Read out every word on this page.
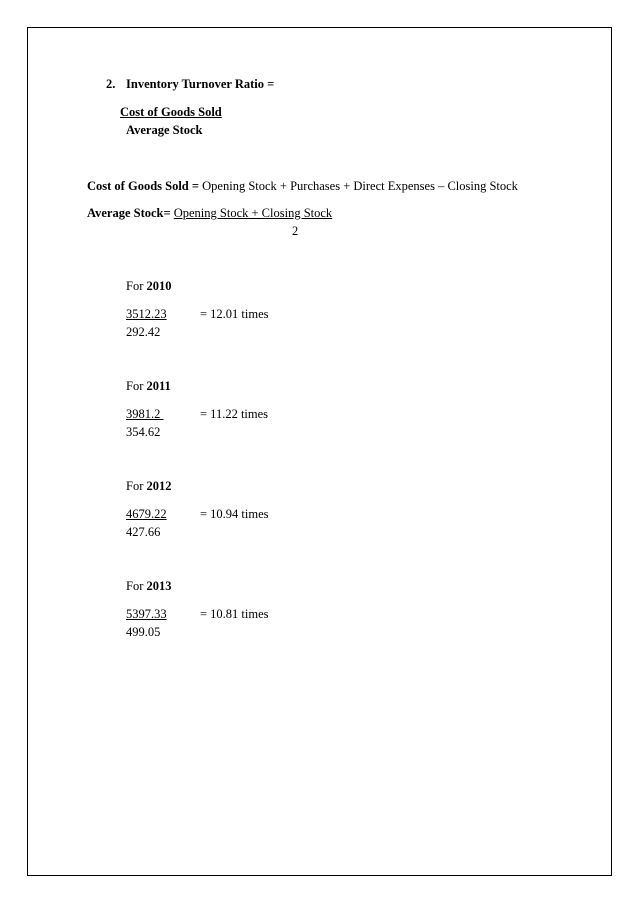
2. Inventory Turnover Ratio =
Cost of Goods Sold
Average Stock
Cost of Goods Sold = Opening Stock + Purchases + Direct Expenses – Closing Stock
Average Stock= Opening Stock + Closing Stock
2
For 2010
3512.23	= 12.01 times
292.42
For 2011
3981.2	= 11.22 times
354.62
For 2012
4679.22	= 10.94 times
427.66
For 2013
5397.33	= 10.81 times
499.05
